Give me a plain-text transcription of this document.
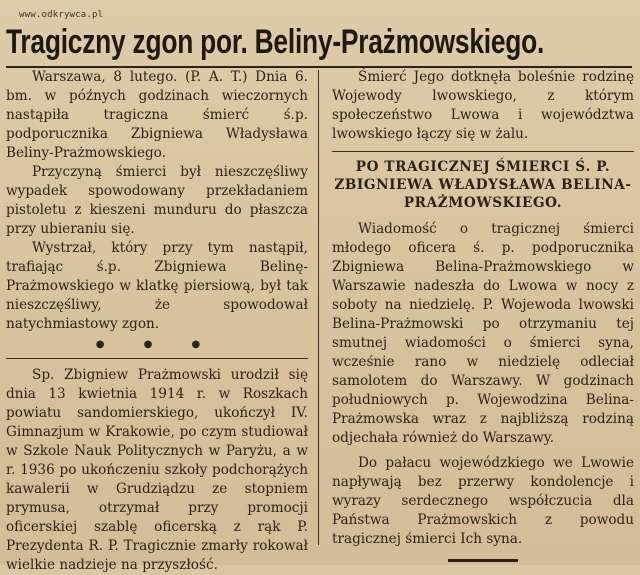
www.odkrywca.pl
Tragiczny zgon por. Beliny-Prażmowskiego.

Warszawa, 8 lutego. (P. A. T.) Dnia 6. bm. w późnych godzinach wieczornych nastąpiła tragiczna śmierć ś.p. podporucznika Zbigniewa Władysława Beliny-Prażmowskiego.

Przyczyną śmierci był nieszczęśliwy wypadek spowodowany przekładaniem pistoletu z kieszeni munduru do płaszcza przy ubieraniu się.

Wystrzał, który przy tym nastąpił, trafiając ś.p. Zbigniewa Belinę-Prażmowskiego w klatkę piersiową, był tak nieszczęśliwy, że spowodował natychmiastowy zgon.

● ● ●

Sp. Zbigniew Prażmowski urodził się dnia 13 kwietnia 1914 r. w Roszkach powiatu sandomierskiego, ukończył IV. Gimnazjum w Krakowie, po czym studiował w Szkole Nauk Politycznych w Paryżu, a w r. 1936 po ukończeniu szkoły podchorążych kawalerii w Grudziądzu ze stopniem prymusa, otrzymał przy promocji oficerskiej szablę oficerską z rąk P. Prezydenta R. P. Tragicznie zmarły rokował wielkie nadzieje na przyszłość.

Śmierć Jego dotknęła boleśnie rodzinę Wojewody lwowskiego, z którym społeczeństwo Lwowa i województwa lwowskiego łączy się w żalu.

PO TRAGICZNEJ ŚMIERCI Ś. P. ZBIGNIEWA WŁADYSŁAWA BELINA-PRAŻMOWSKIEGO.

Wiadomość o tragicznej śmierci młodego oficera ś. p. podporucznika Zbigniewa Belina-Prażmowskiego w Warszawie nadeszła do Lwowa w nocy z soboty na niedzielę. P. Wojewoda lwowski Belina-Prażmowski po otrzymaniu tej smutnej wiadomości o śmierci syna, wcześnie rano w niedzielę odleciał samolotem do Warszawy. W godzinach południowych p. Wojewodzina Belina-Prażmowska wraz z najbliższą rodziną odjechała również do Warszawy.

Do pałacu wojewódzkiego we Lwowie napływają bez przerwy kondolencje i wyrazy serdecznego współczucia dla Państwa Prażmowskich z powodu tragicznej śmierci Ich syna.
